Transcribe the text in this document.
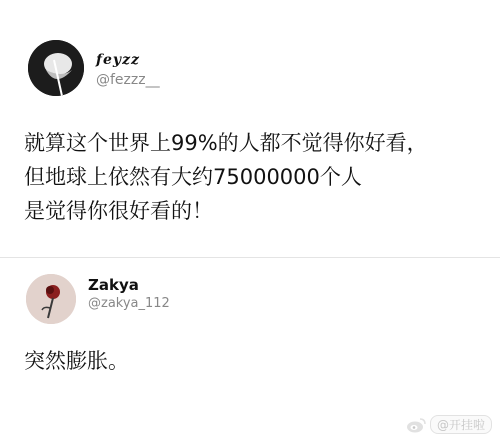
feyzz
@fezzz__
就算这个世界上99%的人都不觉得你好看，
但地球上依然有大约75000000个人
是觉得你很好看的！
Zakya
@zakya_112
突然膨胀。
@开挂啦
